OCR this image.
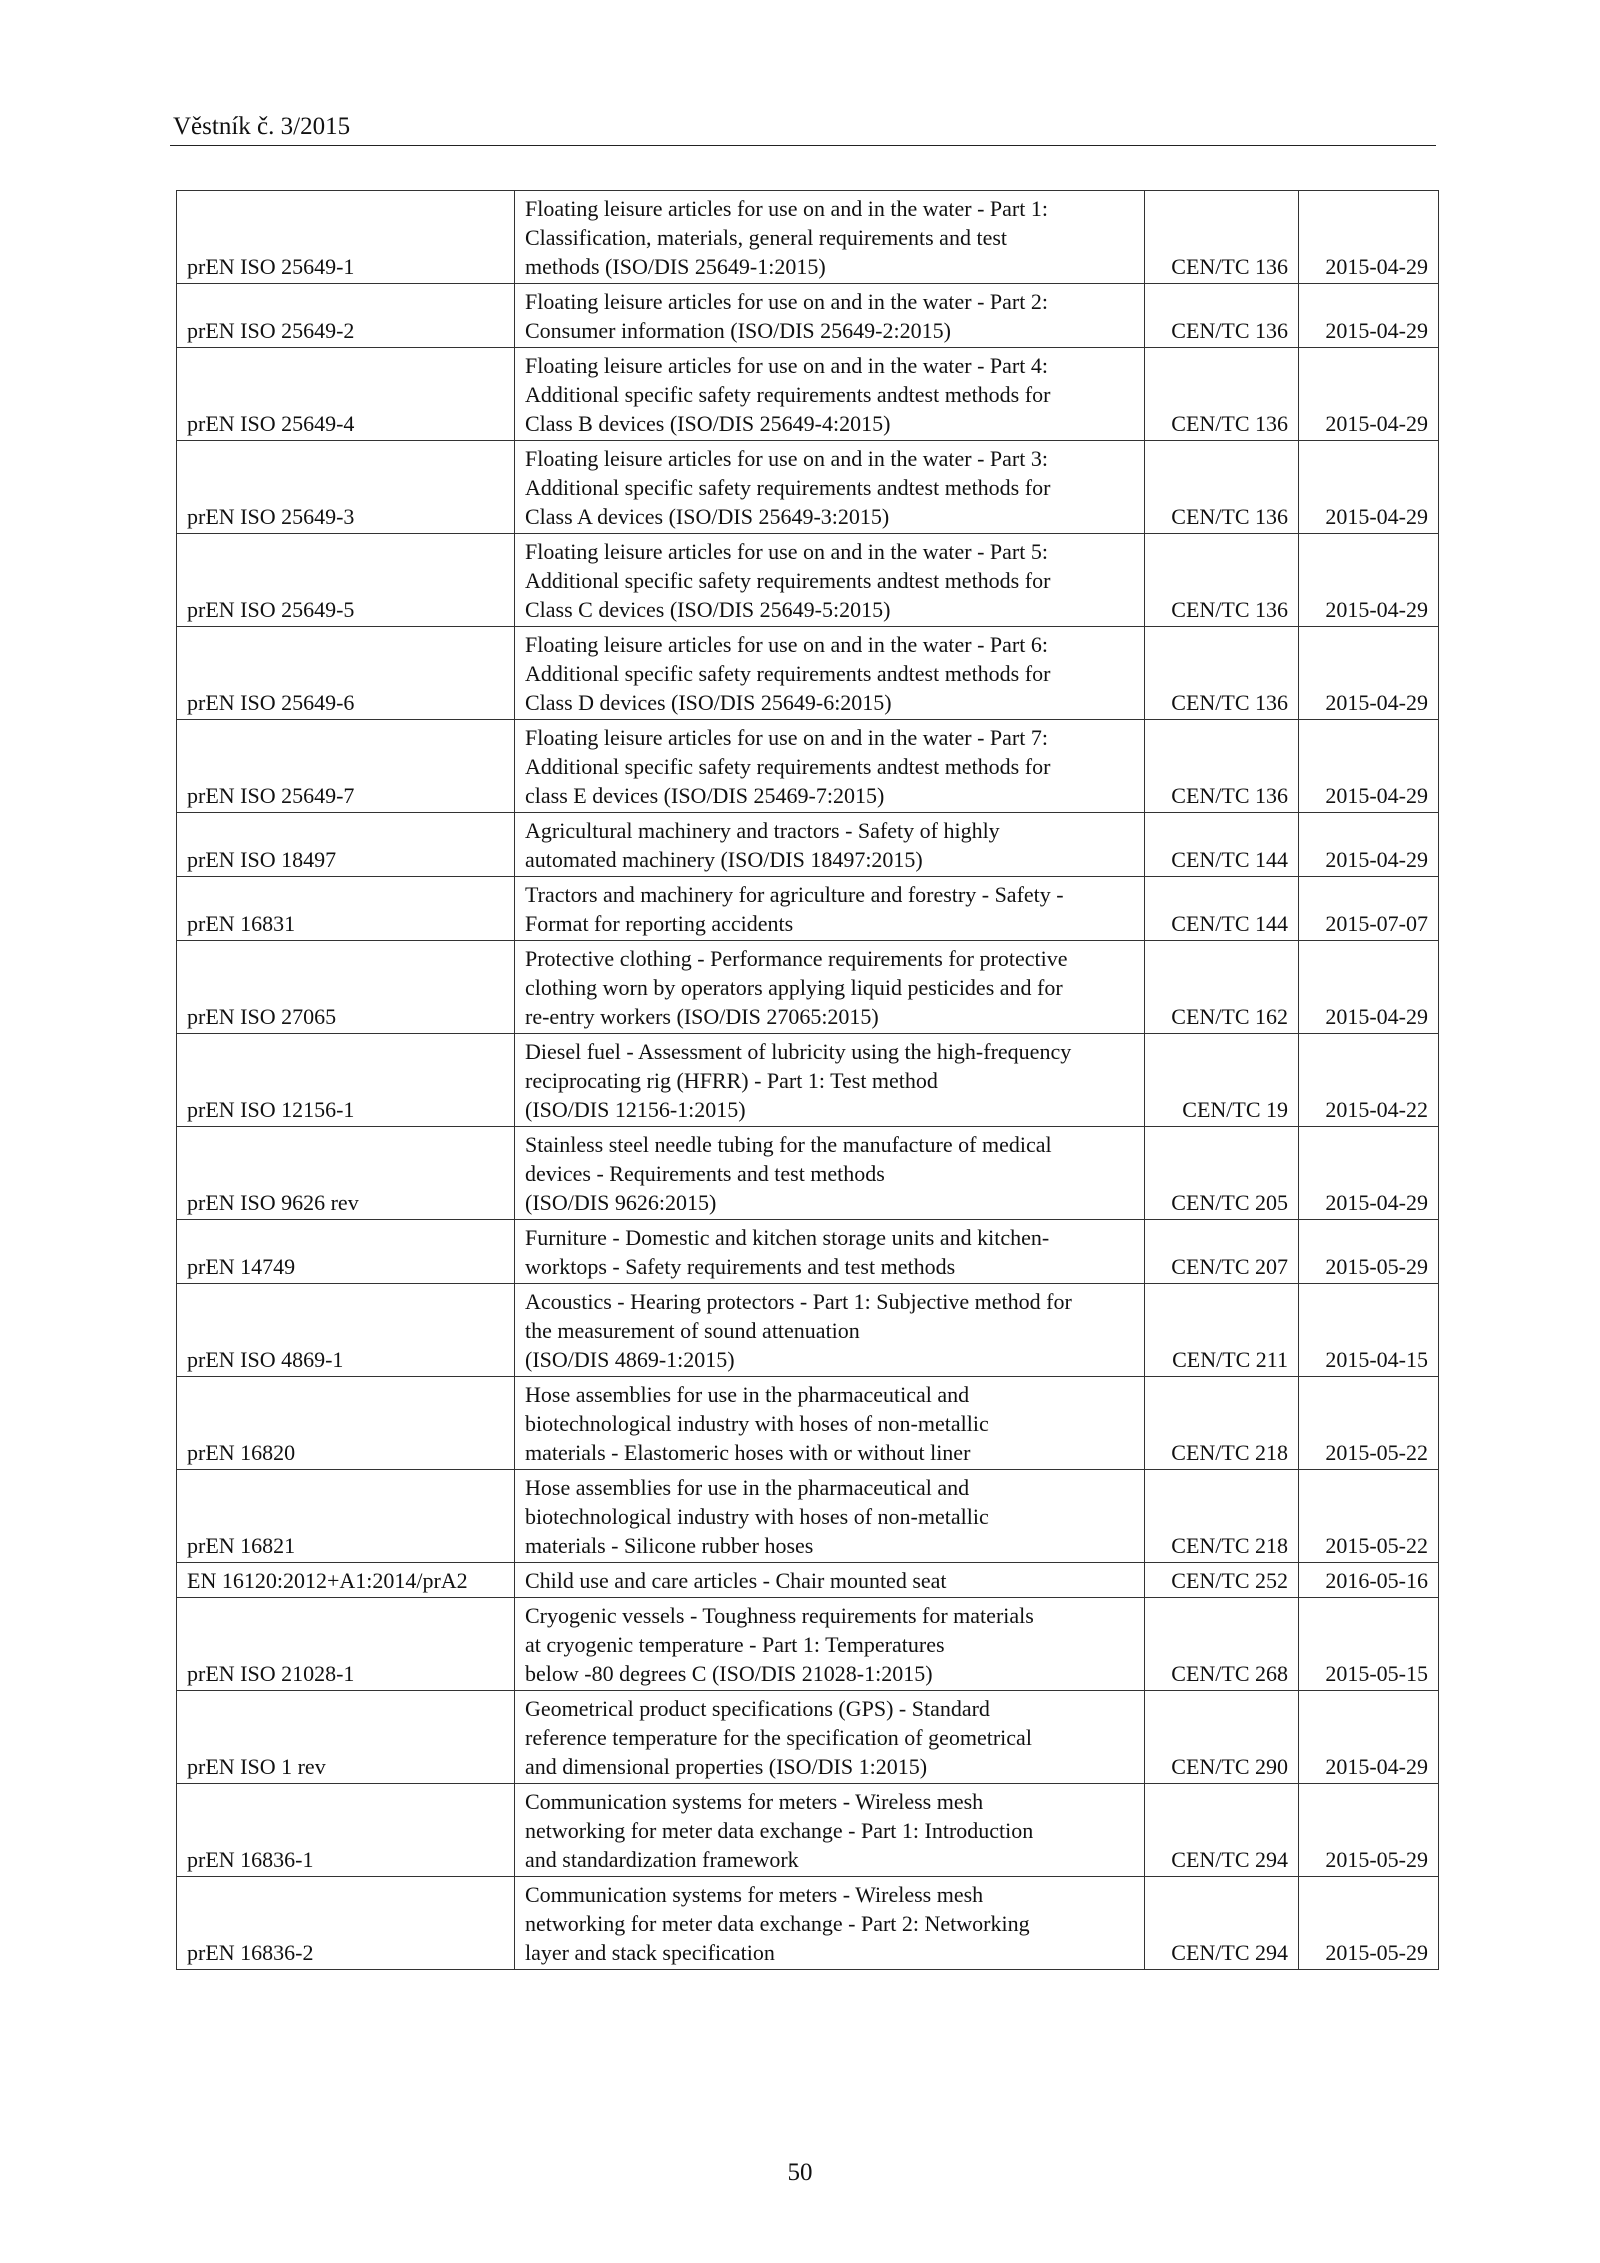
Věstník č. 3/2015
prEN ISO 25649-1	Floating leisure articles for use on and in the water - Part 1:
Classification, materials, general requirements and test
methods (ISO/DIS 25649-1:2015)	CEN/TC 136	2015-04-29
prEN ISO 25649-2	Floating leisure articles for use on and in the water - Part 2:
Consumer information (ISO/DIS 25649-2:2015)	CEN/TC 136	2015-04-29
prEN ISO 25649-4	Floating leisure articles for use on and in the water - Part 4:
Additional specific safety requirements andtest methods for
Class B devices (ISO/DIS 25649-4:2015)	CEN/TC 136	2015-04-29
prEN ISO 25649-3	Floating leisure articles for use on and in the water - Part 3:
Additional specific safety requirements andtest methods for
Class A devices (ISO/DIS 25649-3:2015)	CEN/TC 136	2015-04-29
prEN ISO 25649-5	Floating leisure articles for use on and in the water - Part 5:
Additional specific safety requirements andtest methods for
Class C devices (ISO/DIS 25649-5:2015)	CEN/TC 136	2015-04-29
prEN ISO 25649-6	Floating leisure articles for use on and in the water - Part 6:
Additional specific safety requirements andtest methods for
Class D devices (ISO/DIS 25649-6:2015)	CEN/TC 136	2015-04-29
prEN ISO 25649-7	Floating leisure articles for use on and in the water - Part 7:
Additional specific safety requirements andtest methods for
class E devices (ISO/DIS 25469-7:2015)	CEN/TC 136	2015-04-29
prEN ISO 18497	Agricultural machinery and tractors - Safety of highly
automated machinery (ISO/DIS 18497:2015)	CEN/TC 144	2015-04-29
prEN 16831	Tractors and machinery for agriculture and forestry - Safety -
Format for reporting accidents	CEN/TC 144	2015-07-07
prEN ISO 27065	Protective clothing - Performance requirements for protective
clothing worn by operators applying liquid pesticides and for
re-entry workers (ISO/DIS 27065:2015)	CEN/TC 162	2015-04-29
prEN ISO 12156-1	Diesel fuel - Assessment of lubricity using the high-frequency
reciprocating rig (HFRR) - Part 1: Test method
(ISO/DIS 12156-1:2015)	CEN/TC 19	2015-04-22
prEN ISO 9626 rev	Stainless steel needle tubing for the manufacture of medical
devices - Requirements and test methods
(ISO/DIS 9626:2015)	CEN/TC 205	2015-04-29
prEN 14749	Furniture - Domestic and kitchen storage units and kitchen-
worktops - Safety requirements and test methods	CEN/TC 207	2015-05-29
prEN ISO 4869-1	Acoustics - Hearing protectors - Part 1: Subjective method for
the measurement of sound attenuation
(ISO/DIS 4869-1:2015)	CEN/TC 211	2015-04-15
prEN 16820	Hose assemblies for use in the pharmaceutical and
biotechnological industry with hoses of non-metallic
materials - Elastomeric hoses with or without liner	CEN/TC 218	2015-05-22
prEN 16821	Hose assemblies for use in the pharmaceutical and
biotechnological industry with hoses of non-metallic
materials - Silicone rubber hoses	CEN/TC 218	2015-05-22
EN 16120:2012+A1:2014/prA2	Child use and care articles - Chair mounted seat	CEN/TC 252	2016-05-16
prEN ISO 21028-1	Cryogenic vessels - Toughness requirements for materials
at cryogenic temperature - Part 1: Temperatures
below -80 degrees C (ISO/DIS 21028-1:2015)	CEN/TC 268	2015-05-15
prEN ISO 1 rev	Geometrical product specifications (GPS) - Standard
reference temperature for the specification of geometrical
and dimensional properties (ISO/DIS 1:2015)	CEN/TC 290	2015-04-29
prEN 16836-1	Communication systems for meters - Wireless mesh
networking for meter data exchange - Part 1: Introduction
and standardization framework	CEN/TC 294	2015-05-29
prEN 16836-2	Communication systems for meters - Wireless mesh
networking for meter data exchange - Part 2: Networking
layer and stack specification	CEN/TC 294	2015-05-29
50
